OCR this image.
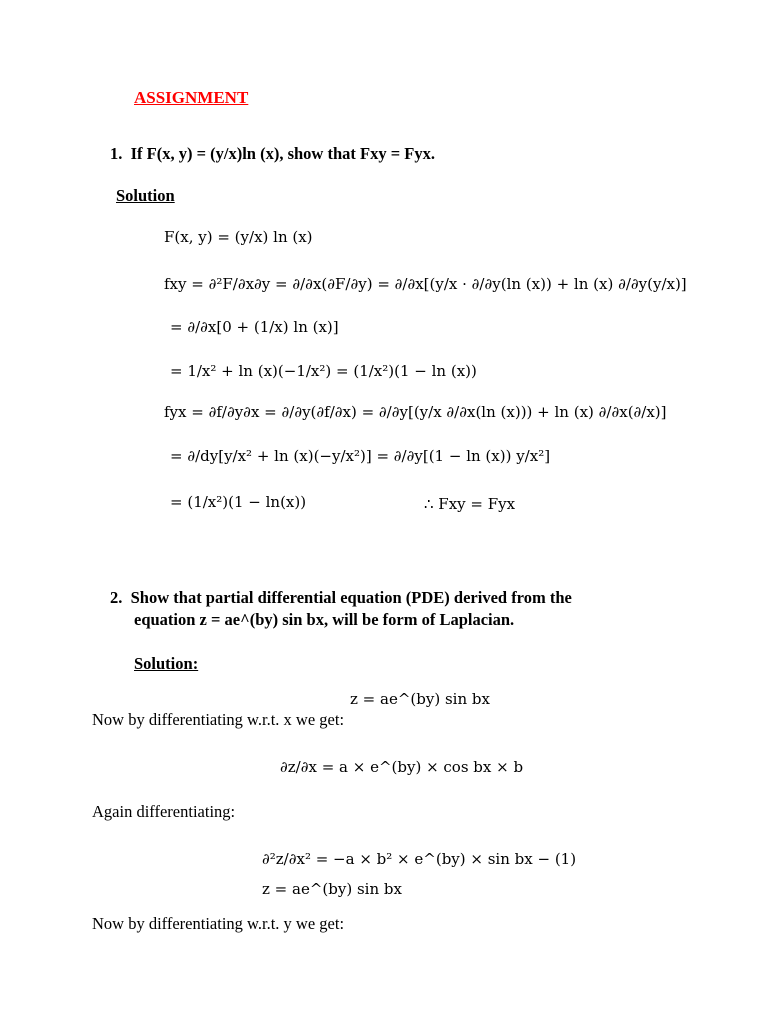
ASSIGNMENT
1. If F(x, y) = (y/x)ln (x), show that Fxy = Fyx.
Solution
F(x, y) = (y/x) ln (x)
fxy = ∂²F/∂x∂y = ∂/∂x(∂F/∂y) = ∂/∂x[(y/x · ∂/∂y(ln (x)) + ln (x) ∂/∂y(y/x)]
= ∂/∂x[0 + (1/x) ln (x)]
= 1/x² + ln (x)(−1/x²) = (1/x²)(1 − ln (x))
fyx = ∂f/∂y∂x = ∂/∂y(∂f/∂x) = ∂/∂y[(y/x ∂/∂x(ln (x))) + ln (x) ∂/∂x(∂/x)]
= ∂/dy[y/x² + ln (x)(−y/x²)] = ∂/∂y[(1 − ln (x)) y/x²]
= (1/x²)(1 − ln(x))	∴ Fxy = Fyx
2. Show that partial differential equation (PDE) derived from the
equation z = ae^(by) sin bx, will be form of Laplacian.
Solution:
z = ae^(by) sin bx
Now by differentiating w.r.t. x we get:
∂z/∂x = a × e^(by) × cos bx × b
Again differentiating:
∂²z/∂x² = −a × b² × e^(by) × sin bx − (1)
z = ae^(by) sin bx
Now by differentiating w.r.t. y we get:
